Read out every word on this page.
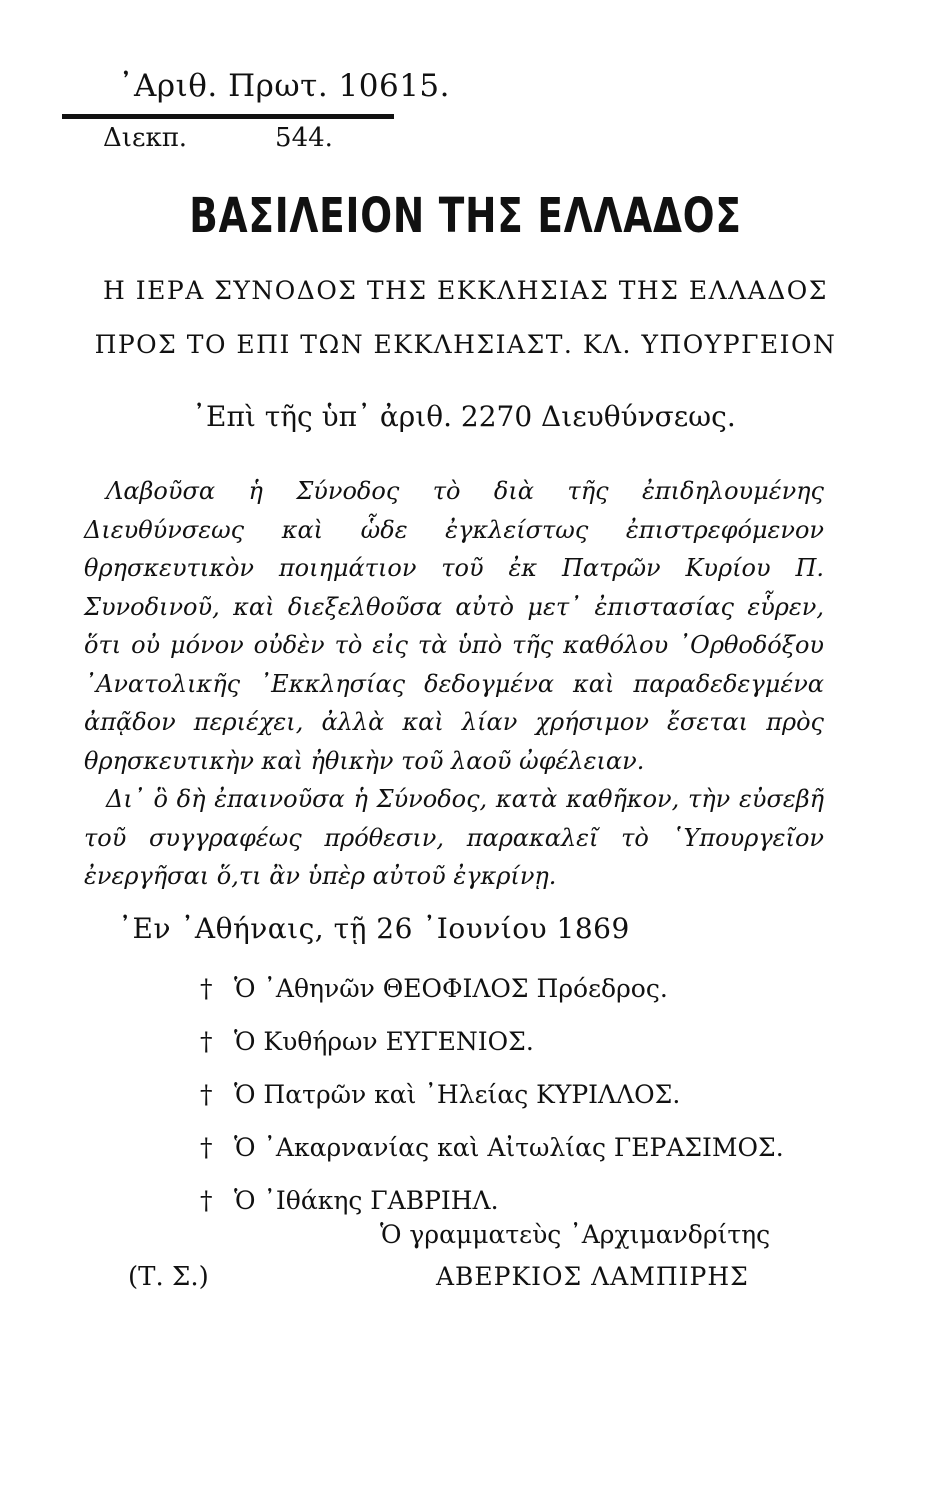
᾽Αριθ. Πρωτ. 10615.
Διεκπ.	544.
ΒΑΣΙΛΕΙΟΝ ΤΗΣ ΕΛΛΑΔΟΣ
Η ΙΕΡΑ ΣΥΝΟΔΟΣ ΤΗΣ ΕΚΚΛΗΣΙΑΣ ΤΗΣ ΕΛΛΑΔΟΣ
ΠΡΟΣ ΤΟ ΕΠΙ ΤΩΝ ΕΚΚΛΗΣΙΑΣΤ. ΚΛ. ΥΠΟΥΡΓΕΙΟΝ
᾽Επὶ τῆς ὑπ᾽ ἀριθ. 2270 Διευθύνσεως.

Λαβοῦσα ἡ Σύνοδος τὸ διὰ τῆς ἐπιδηλουμένης Διευθύνσεως καὶ ὧδε ἐγκλείστως ἐπιστρεφόμενον θρησκευτικὸν ποιημάτιον τοῦ ἐκ Πατρῶν Κυρίου Π. Συνοδινοῦ, καὶ διεξελθοῦσα αὐτὸ μετ᾽ ἐπιστασίας εὗρεν, ὅτι οὐ μόνον οὐδὲν τὸ εἰς τὰ ὑπὸ τῆς καθόλου ᾽Ορθοδόξου ᾽Ανατολικῆς ᾽Εκκλησίας δεδογμένα καὶ παραδεδεγμένα ἀπᾷδον περιέχει, ἀλλὰ καὶ λίαν χρήσιμον ἔσεται πρὸς θρησκευτικὴν καὶ ἠθικὴν τοῦ λαοῦ ὠφέλειαν.

Δι᾽ ὃ δὴ ἐπαινοῦσα ἡ Σύνοδος, κατὰ καθῆκον, τὴν εὐσεβῆ τοῦ συγγραφέως πρόθεσιν, παρακαλεῖ τὸ ῾Υπουργεῖον ἐνεργῆσαι ὅ,τι ἂν ὑπὲρ αὐτοῦ ἐγκρίνῃ.

᾽Εν ᾽Αθήναις, τῇ 26 ᾽Ιουνίου 1869
† Ὁ ᾽Αθηνῶν ΘΕΟΦΙΛΟΣ Πρόεδρος.
† Ὁ Κυθήρων ΕΥΓΕΝΙΟΣ.
† Ὁ Πατρῶν καὶ ᾽Ηλείας ΚΥΡΙΛΛΟΣ.
† Ὁ ᾽Ακαρνανίας καὶ Αἰτωλίας ΓΕΡΑΣΙΜΟΣ.
† Ὁ ᾽Ιθάκης ΓΑΒΡΙΗΛ.
Ὁ γραμματεὺς ᾽Αρχιμανδρίτης
(Τ. Σ.)	ΑΒΕΡΚΙΟΣ ΛΑΜΠΙΡΗΣ
